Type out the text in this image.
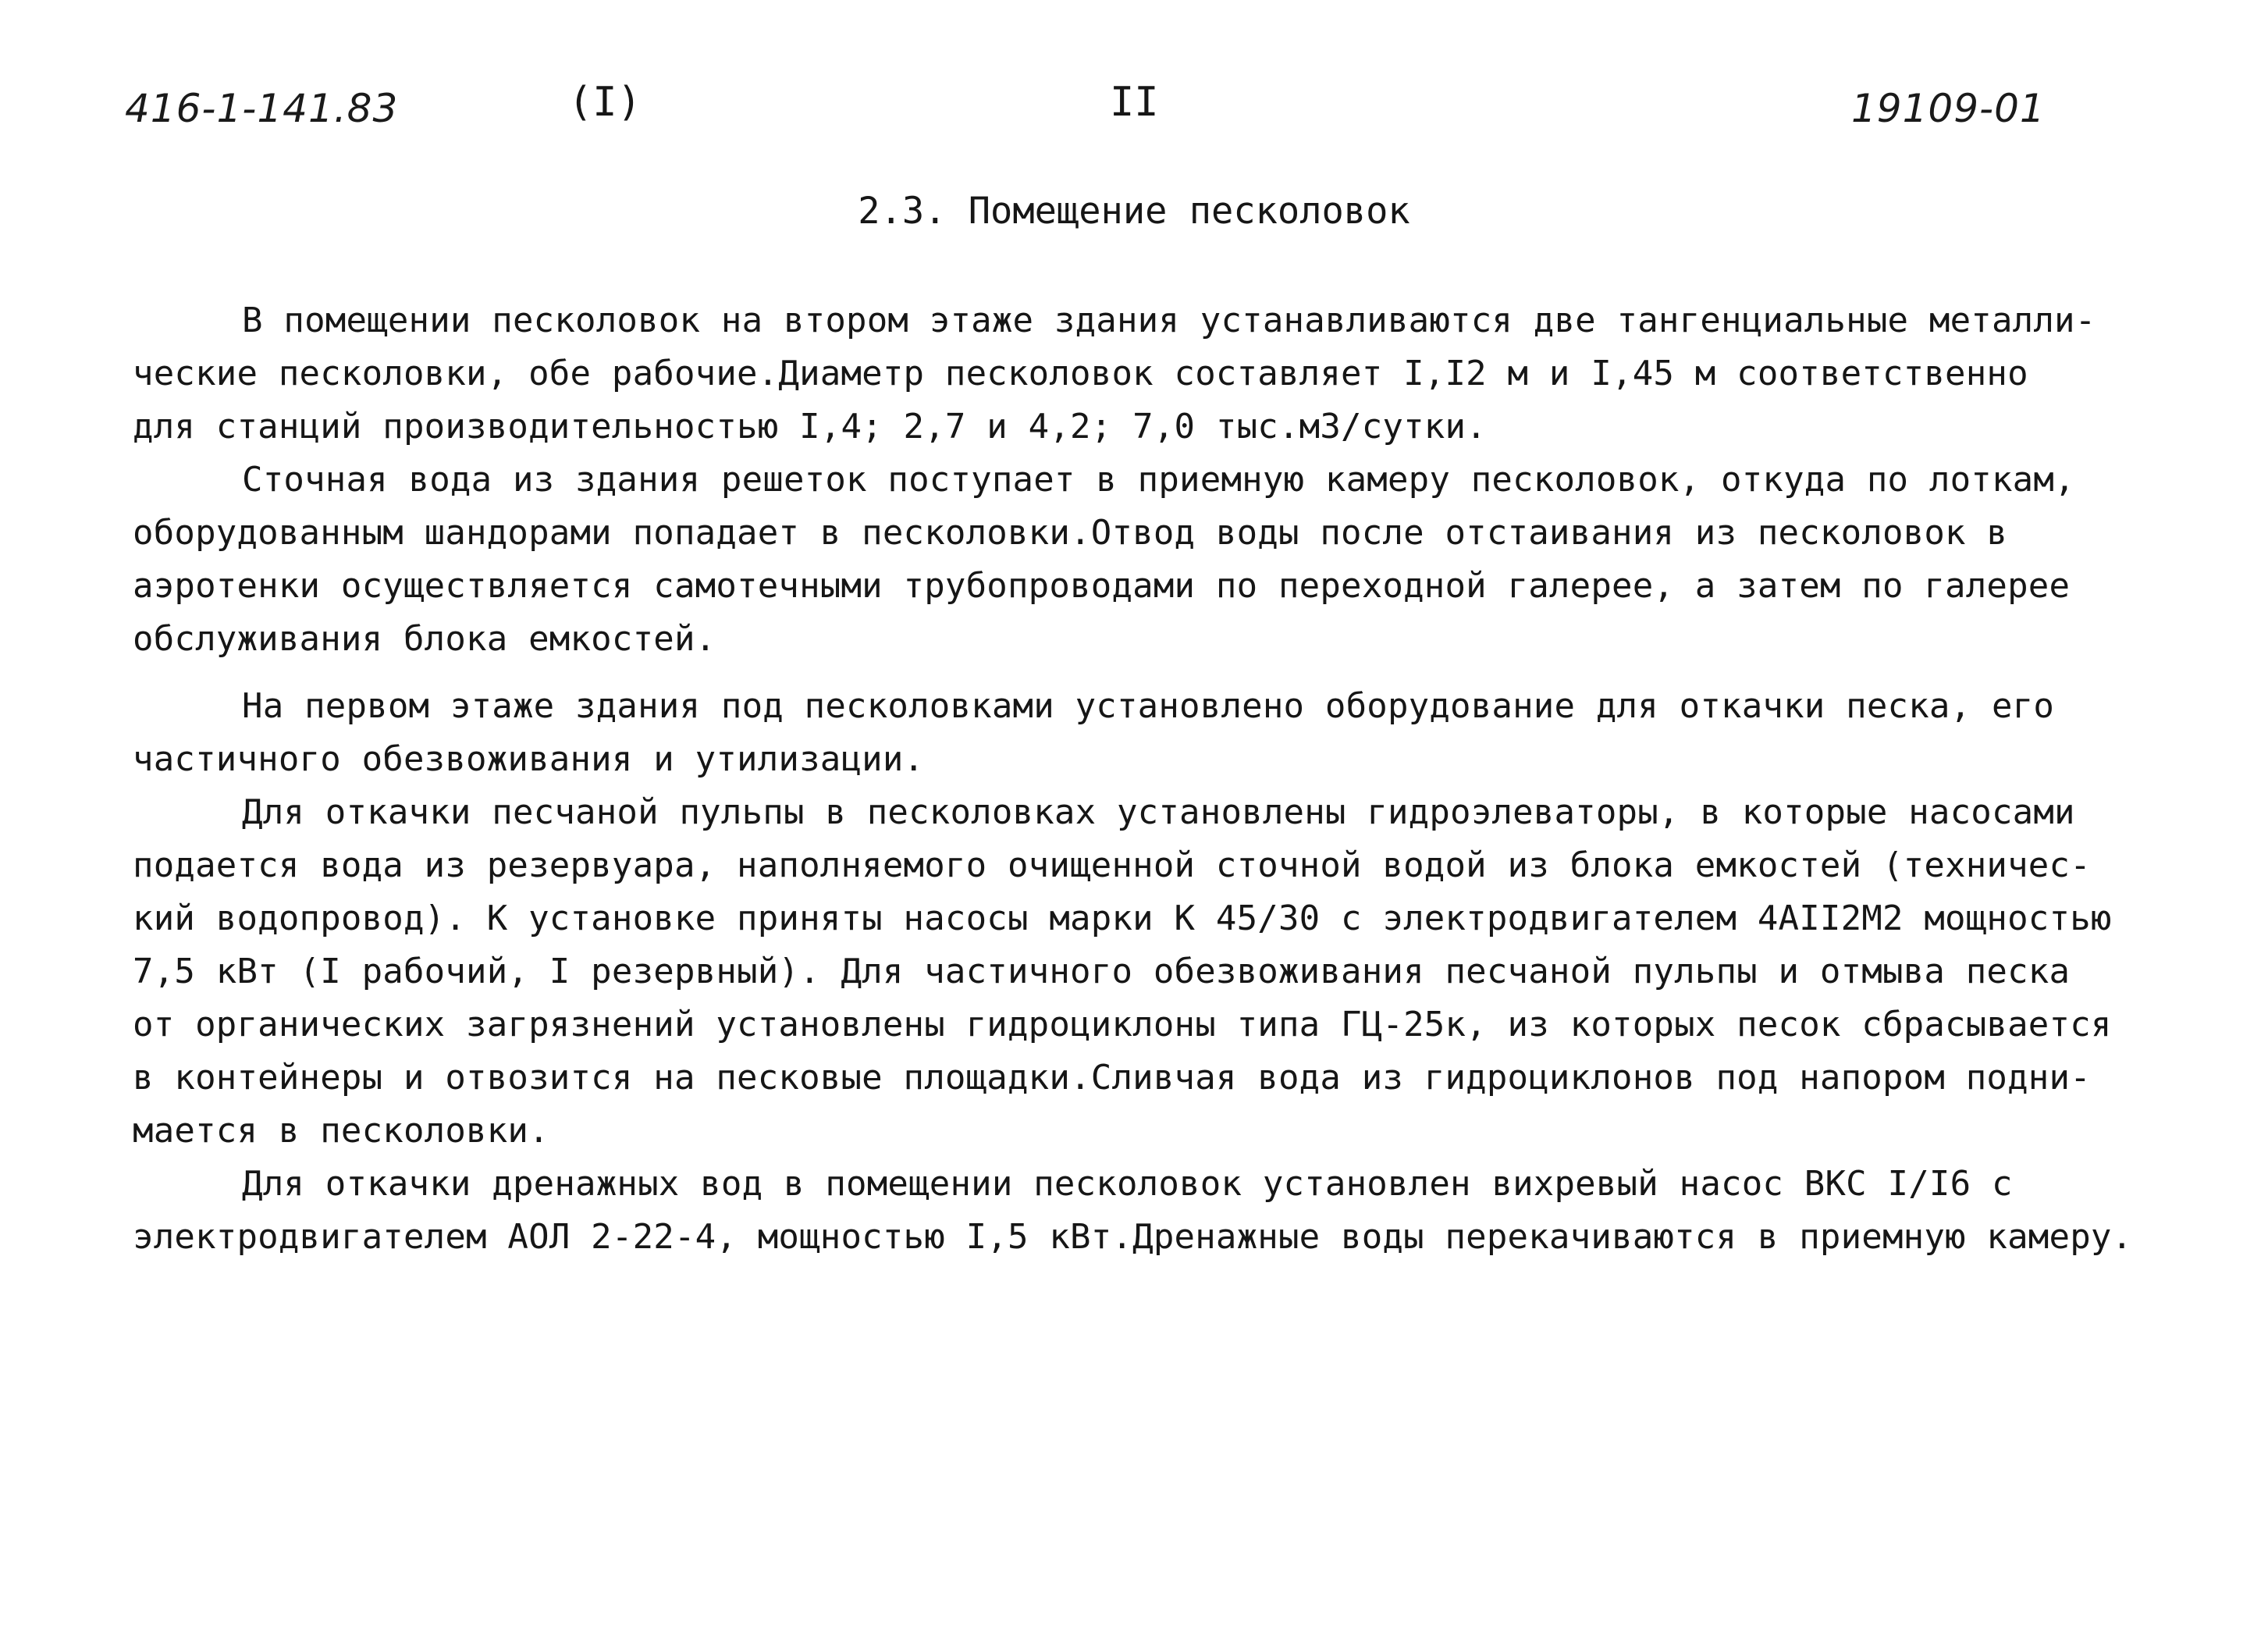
416-1-141.83	(I)	II	19109-01
2.3. Помещение песколовок
В помещении песколовок на втором этаже здания устанавливаются две тангенциальные металли-
ческие песколовки, обе рабочие.Диаметр песколовок составляет I,I2 м и I,45 м соответственно
для станций производительностью I,4; 2,7 и 4,2; 7,0 тыс.м3/сутки.
Сточная вода из здания решеток поступает в приемную камеру песколовок, откуда по лоткам,
оборудованным шандорами попадает в песколовки.Отвод воды после отстаивания из песколовок в
аэротенки осуществляется самотечными трубопроводами по переходной галерее, а затем по галерее
обслуживания блока емкостей.
На первом этаже здания под песколовками установлено оборудование для откачки песка, его
частичного обезвоживания и утилизации.
Для откачки песчаной пульпы в песколовках установлены гидроэлеваторы, в которые насосами
подается вода из резервуара, наполняемого очищенной сточной водой из блока емкостей (техничес-
кий водопровод). К установке приняты насосы марки К 45/30 с электродвигателем 4АII2М2 мощностью
7,5 кВт (I рабочий, I резервный). Для частичного обезвоживания песчаной пульпы и отмыва песка
от органических загрязнений установлены гидроциклоны типа ГЦ-25к, из которых песок сбрасывается
в контейнеры и отвозится на песковые площадки.Сливчая вода из гидроциклонов под напором подни-
мается в песколовки.
Для откачки дренажных вод в помещении песколовок установлен вихревый насос ВКС I/I6 с
электродвигателем АОЛ 2-22-4, мощностью I,5 кВт.Дренажные воды перекачиваются в приемную камеру.
